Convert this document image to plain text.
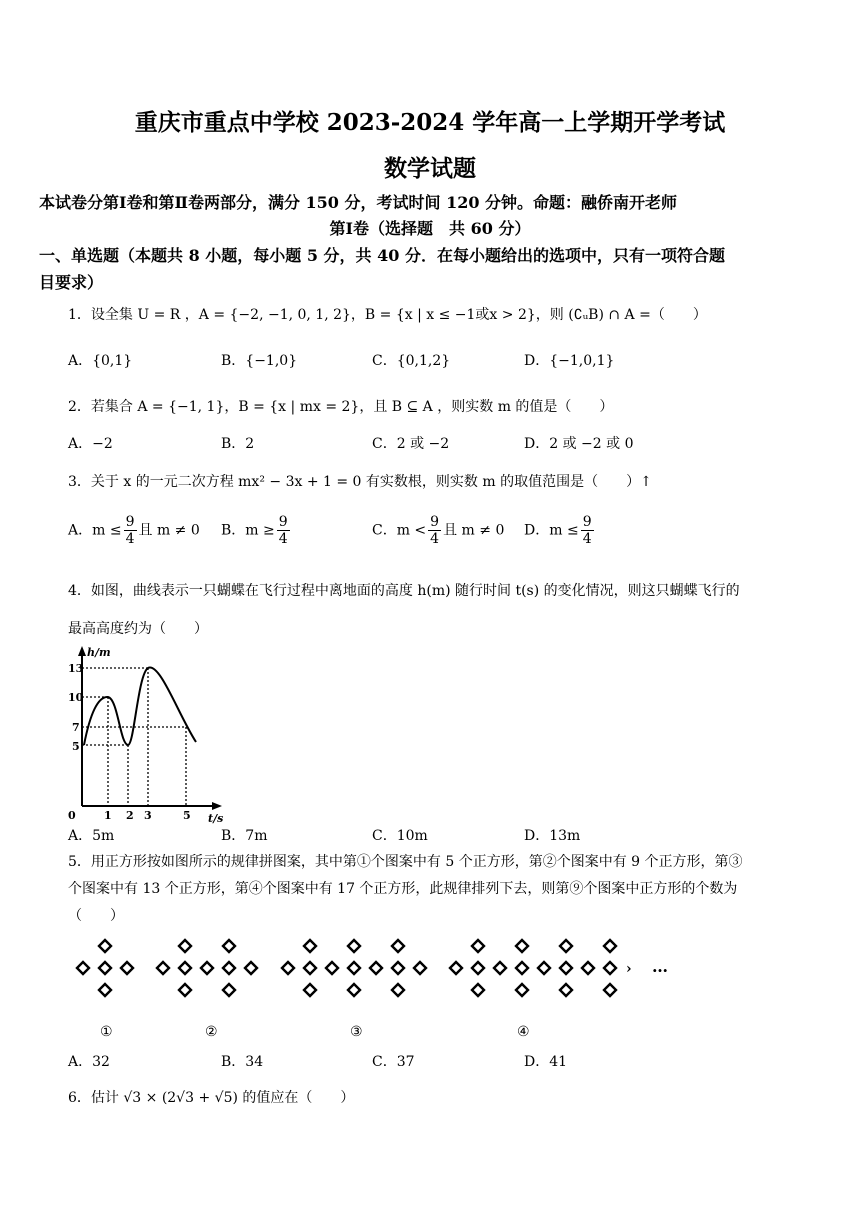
重庆市重点中学校 2023-2024 学年高一上学期开学考试
数学试题
本试卷分第Ⅰ卷和第Ⅱ卷两部分，满分 150 分，考试时间 120 分钟。命题：融侨南开老师
第Ⅰ卷（选择题　共 60 分）
一、单选题（本题共 8 小题，每小题 5 分，共 40 分．在每小题给出的选项中，只有一项符合题
目要求）
1．设全集 U = R ，A = {−2, −1, 0, 1, 2}，B = {x | x ≤ −1或x > 2}，则 (∁ᵤB) ∩ A =（　　）
A．{0,1}	B．{−1,0}	C．{0,1,2}	D．{−1,0,1}
2．若集合 A = {−1, 1}，B = {x | mx = 2}，且 B ⊆ A ，则实数 m 的值是（　　）
A．−2	B．2	C．2 或 −2	D．2 或 −2 或 0
3．关于 x 的一元二次方程 mx² − 3x + 1 = 0 有实数根，则实数 m 的取值范围是（　　）↑
A．$m \le \frac{9}{4}$ 且 m ≠ 0 B．$m \ge \frac{9}{4}$	C．$m < \frac{9}{4}$ 且 m ≠ 0 D．$m \le \frac{9}{4}$
4．如图，曲线表示一只蝴蝶在飞行过程中离地面的高度 h(m) 随行时间 t(s) 的变化情况，则这只蝴蝶飞行的
最高高度约为（　　）
h/m
t/s
0
13
10
7
5
1 2 3	5
A．5m	B．7m	C．10m	D．13m
5．用正方形按如图所示的规律拼图案，其中第①个图案中有 5 个正方形，第②个图案中有 9 个正方形，第③
个图案中有 13 个正方形，第④个图案中有 17 个正方形，此规律排列下去，则第⑨个图案中正方形的个数为
（　　）
› …
①	②	③	④
A．32	B．34	C．37	D．41
6．估计 √3 × (2√3 + √5) 的值应在（　　）
